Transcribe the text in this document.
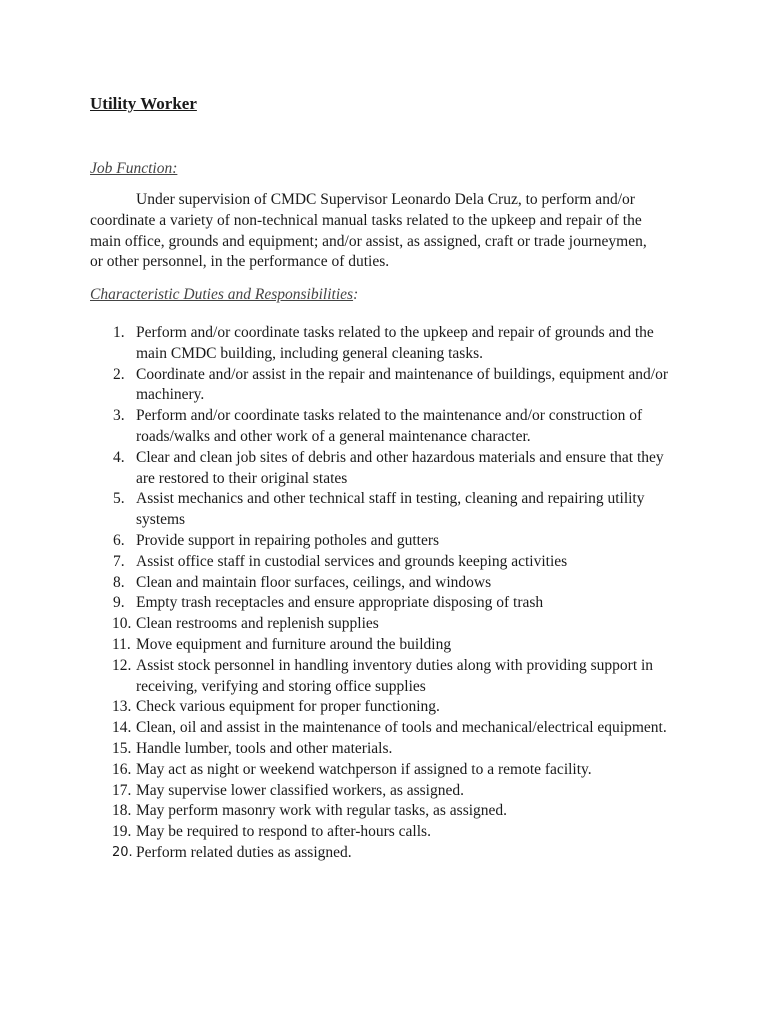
Utility Worker
Job Function:
Under supervision of CMDC Supervisor Leonardo Dela Cruz, to perform and/or coordinate a variety of non-technical manual tasks related to the upkeep and repair of the main office, grounds and equipment; and/or assist, as assigned, craft or trade journeymen, or other personnel, in the performance of duties.
Characteristic Duties and Responsibilities:
1. Perform and/or coordinate tasks related to the upkeep and repair of grounds and the main CMDC building, including general cleaning tasks.
2. Coordinate and/or assist in the repair and maintenance of buildings, equipment and/or machinery.
3. Perform and/or coordinate tasks related to the maintenance and/or construction of roads/walks and other work of a general maintenance character.
4. Clear and clean job sites of debris and other hazardous materials and ensure that they are restored to their original states
5. Assist mechanics and other technical staff in testing, cleaning and repairing utility systems
6. Provide support in repairing potholes and gutters
7. Assist office staff in custodial services and grounds keeping activities
8. Clean and maintain floor surfaces, ceilings, and windows
9. Empty trash receptacles and ensure appropriate disposing of trash
10. Clean restrooms and replenish supplies
11. Move equipment and furniture around the building
12. Assist stock personnel in handling inventory duties along with providing support in receiving, verifying and storing office supplies
13. Check various equipment for proper functioning.
14. Clean, oil and assist in the maintenance of tools and mechanical/electrical equipment.
15. Handle lumber, tools and other materials.
16. May act as night or weekend watchperson if assigned to a remote facility.
17. May supervise lower classified workers, as assigned.
18. May perform masonry work with regular tasks, as assigned.
19. May be required to respond to after-hours calls.
20. Perform related duties as assigned.
